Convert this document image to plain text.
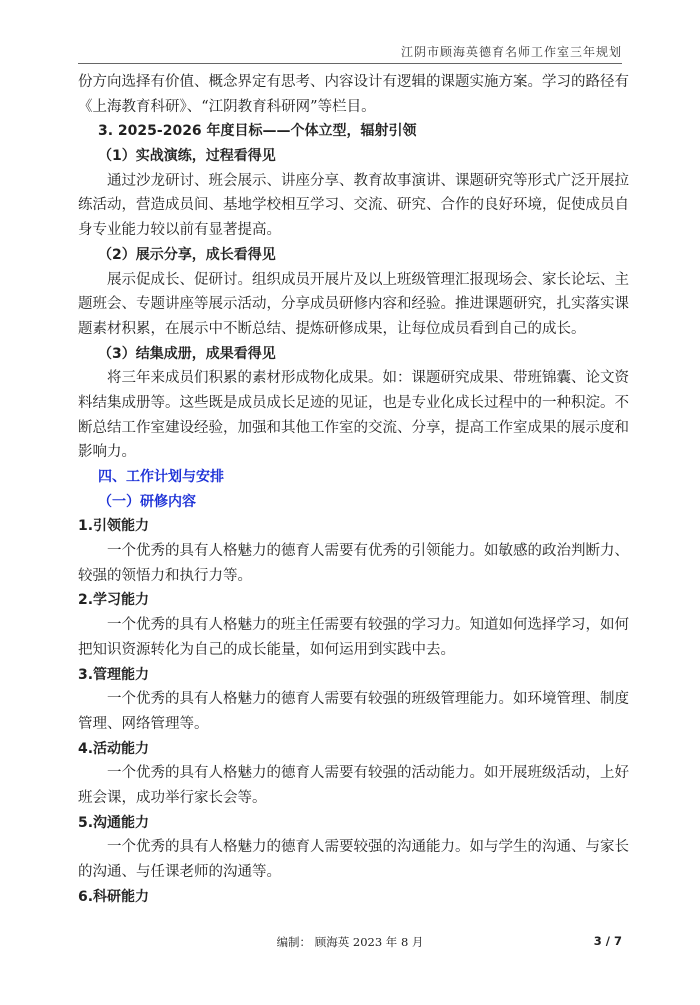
江阴市顾海英德育名师工作室三年规划
份方向选择有价值、概念界定有思考、内容设计有逻辑的课题实施方案。学习的路径有
《上海教育科研》、“江阴教育科研网”等栏目。
3. 2025-2026 年度目标——个体立型，辐射引领
（1）实战演练，过程看得见
通过沙龙研讨、班会展示、讲座分享、教育故事演讲、课题研究等形式广泛开展拉
练活动，营造成员间、基地学校相互学习、交流、研究、合作的良好环境，促使成员自
身专业能力较以前有显著提高。
（2）展示分享，成长看得见
展示促成长、促研讨。组织成员开展片及以上班级管理汇报现场会、家长论坛、主
题班会、专题讲座等展示活动，分享成员研修内容和经验。推进课题研究，扎实落实课
题素材积累，在展示中不断总结、提炼研修成果，让每位成员看到自己的成长。
（3）结集成册，成果看得见
将三年来成员们积累的素材形成物化成果。如：课题研究成果、带班锦囊、论文资
料结集成册等。这些既是成员成长足迹的见证，也是专业化成长过程中的一种积淀。不
断总结工作室建设经验，加强和其他工作室的交流、分享，提高工作室成果的展示度和
影响力。
四、工作计划与安排
（一）研修内容
1.引领能力
一个优秀的具有人格魅力的德育人需要有优秀的引领能力。如敏感的政治判断力、
较强的领悟力和执行力等。
2.学习能力
一个优秀的具有人格魅力的班主任需要有较强的学习力。知道如何选择学习，如何
把知识资源转化为自己的成长能量，如何运用到实践中去。
3.管理能力
一个优秀的具有人格魅力的德育人需要有较强的班级管理能力。如环境管理、制度
管理、网络管理等。
4.活动能力
一个优秀的具有人格魅力的德育人需要有较强的活动能力。如开展班级活动，上好
班会课，成功举行家长会等。
5.沟通能力
一个优秀的具有人格魅力的德育人需要较强的沟通能力。如与学生的沟通、与家长
的沟通、与任课老师的沟通等。
6.科研能力
编制： 顾海英 2023 年 8 月	3 / 7
